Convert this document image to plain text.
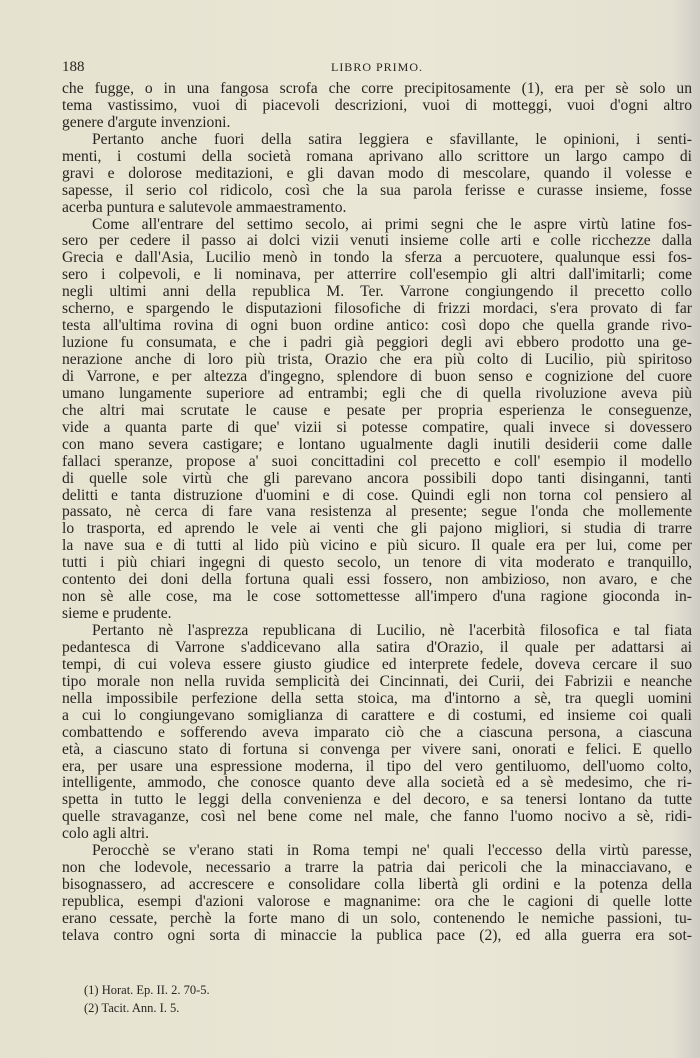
188	LIBRO PRIMO.
che fugge, o in una fangosa scrofa che corre precipitosamente (1), era per sè solo un
tema vastissimo, vuoi di piacevoli descrizioni, vuoi di motteggi, vuoi d'ogni altro
genere d'argute invenzioni.
Pertanto anche fuori della satira leggiera e sfavillante, le opinioni, i senti-
menti, i costumi della società romana aprivano allo scrittore un largo campo di
gravi e dolorose meditazioni, e gli davan modo di mescolare, quando il volesse e
sapesse, il serio col ridicolo, così che la sua parola ferisse e curasse insieme, fosse
acerba puntura e salutevole ammaestramento.
Come all'entrare del settimo secolo, ai primi segni che le aspre virtù latine fos-
sero per cedere il passo ai dolci vizii venuti insieme colle arti e colle ricchezze dalla
Grecia e dall'Asia, Lucilio menò in tondo la sferza a percuotere, qualunque essi fos-
sero i colpevoli, e li nominava, per atterrire coll'esempio gli altri dall'imitarli; come
negli ultimi anni della republica M. Ter. Varrone congiungendo il precetto collo
scherno, e spargendo le disputazioni filosofiche di frizzi mordaci, s'era provato di far
testa all'ultima rovina di ogni buon ordine antico: così dopo che quella grande rivo-
luzione fu consumata, e che i padri già peggiori degli avi ebbero prodotto una ge-
nerazione anche di loro più trista, Orazio che era più colto di Lucilio, più spiritoso
di Varrone, e per altezza d'ingegno, splendore di buon senso e cognizione del cuore
umano lungamente superiore ad entrambi; egli che di quella rivoluzione aveva più
che altri mai scrutate le cause e pesate per propria esperienza le conseguenze,
vide a quanta parte di que' vizii si potesse compatire, quali invece si dovessero
con mano severa castigare; e lontano ugualmente dagli inutili desiderii come dalle
fallaci speranze, propose a' suoi concittadini col precetto e coll' esempio il modello
di quelle sole virtù che gli parevano ancora possibili dopo tanti disinganni, tanti
delitti e tanta distruzione d'uomini e di cose. Quindi egli non torna col pensiero al
passato, nè cerca di fare vana resistenza al presente; segue l'onda che mollemente
lo trasporta, ed aprendo le vele ai venti che gli pajono migliori, si studia di trarre
la nave sua e di tutti al lido più vicino e più sicuro. Il quale era per lui, come per
tutti i più chiari ingegni di questo secolo, un tenore di vita moderato e tranquillo,
contento dei doni della fortuna quali essi fossero, non ambizioso, non avaro, e che
non sè alle cose, ma le cose sottomettesse all'impero d'una ragione gioconda in-
sieme e prudente.
Pertanto nè l'asprezza republicana di Lucilio, nè l'acerbità filosofica e tal fiata
pedantesca di Varrone s'addicevano alla satira d'Orazio, il quale per adattarsi ai
tempi, di cui voleva essere giusto giudice ed interprete fedele, doveva cercare il suo
tipo morale non nella ruvida semplicità dei Cincinnati, dei Curii, dei Fabrizii e neanche
nella impossibile perfezione della setta stoica, ma d'intorno a sè, tra quegli uomini
a cui lo congiungevano somiglianza di carattere e di costumi, ed insieme coi quali
combattendo e sofferendo aveva imparato ciò che a ciascuna persona, a ciascuna
età, a ciascuno stato di fortuna si convenga per vivere sani, onorati e felici. E quello
era, per usare una espressione moderna, il tipo del vero gentiluomo, dell'uomo colto,
intelligente, ammodo, che conosce quanto deve alla società ed a sè medesimo, che ri-
spetta in tutto le leggi della convenienza e del decoro, e sa tenersi lontano da tutte
quelle stravaganze, così nel bene come nel male, che fanno l'uomo nocivo a sè, ridi-
colo agli altri.
Perocchè se v'erano stati in Roma tempi ne' quali l'eccesso della virtù paresse,
non che lodevole, necessario a trarre la patria dai pericoli che la minacciavano, e
bisognassero, ad accrescere e consolidare colla libertà gli ordini e la potenza della
republica, esempi d'azioni valorose e magnanime: ora che le cagioni di quelle lotte
erano cessate, perchè la forte mano di un solo, contenendo le nemiche passioni, tu-
telava contro ogni sorta di minaccie la publica pace (2), ed alla guerra era sot-
(1) Horat. Ep. II. 2. 70-5.
(2) Tacit. Ann. I. 5.
